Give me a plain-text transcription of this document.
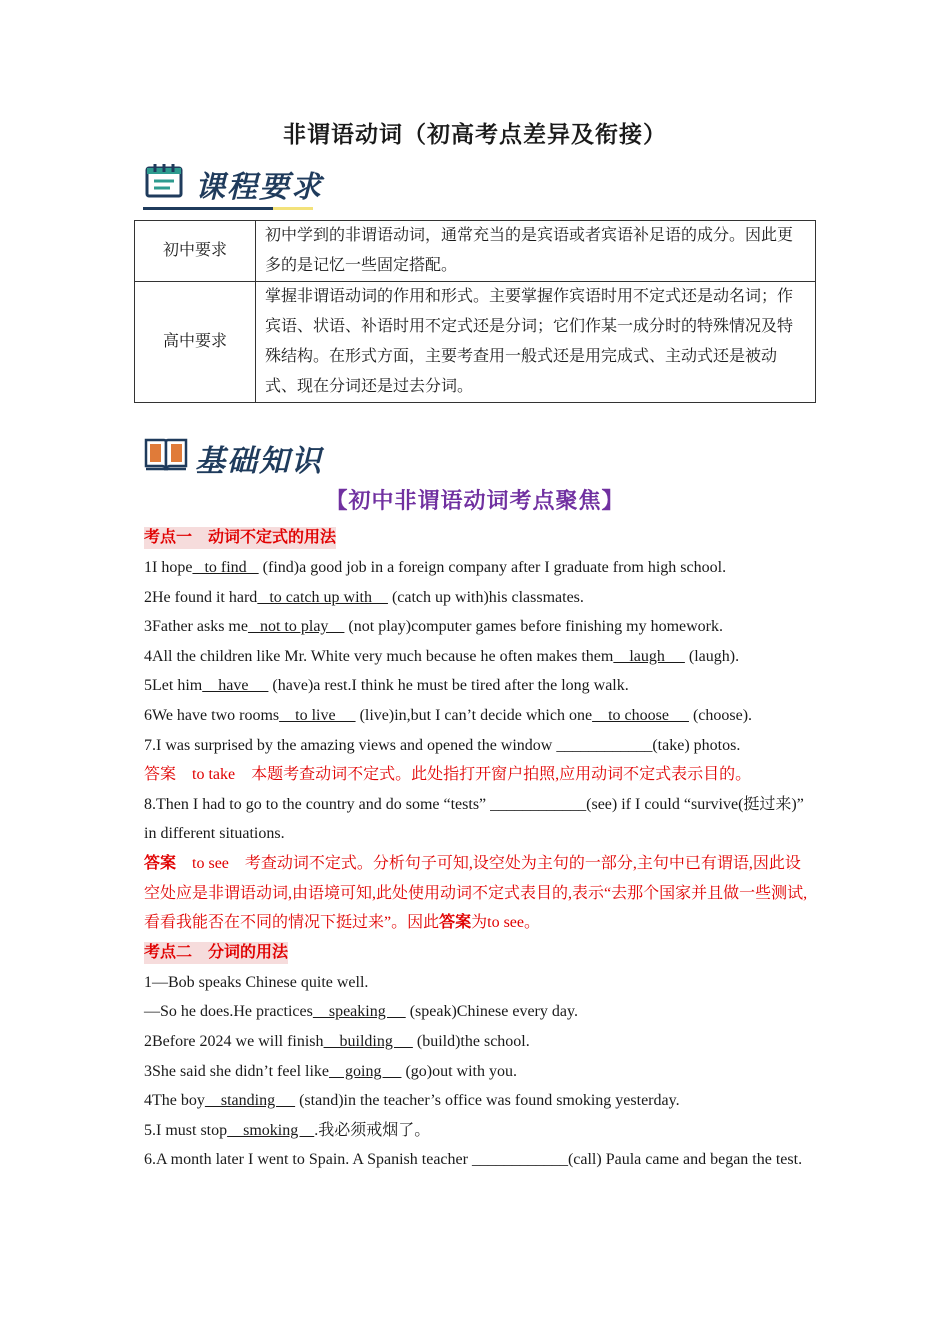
非谓语动词（初高考点差异及衔接）
课程要求
初中要求	初中学到的非谓语动词，通常充当的是宾语或者宾语补足语的成分。因此更多的是记忆一些固定搭配。
高中要求	掌握非谓语动词的作用和形式。主要掌握作宾语时用不定式还是动名词；作宾语、状语、补语时用不定式还是分词；它们作某一成分时的特殊情况及特殊结构。在形式方面，主要考查用一般式还是用完成式、主动式还是被动式、现在分词还是过去分词。
基础知识
【初中非谓语动词考点聚焦】
考点一　动词不定式的用法

1I hope   to find    (find)a good job in a foreign company after I graduate from high school.

2He found it hard   to catch up with     (catch up with)his classmates.

3Father asks me   not to play     (not play)computer games before finishing my homework.

4All the children like Mr. White very much because he often makes them    laugh      (laugh).

5Let him    have      (have)a rest.I think he must be tired after the long walk.

6We have two rooms    to live      (live)in,but I can’t decide which one    to choose      (choose).

7.I was surprised by the amazing views and opened the window ____________(take) photos.

答案　to take　本题考查动词不定式。此处指打开窗户拍照,应用动词不定式表示目的。

8.Then I had to go to the country and do some “tests” ____________(see) if I could “survive(挺过来)” in different situations.

答案　to see　考查动词不定式。分析句子可知,设空处为主句的一部分,主句中已有谓语,因此设空处应是非谓语动词,由语境可知,此处使用动词不定式表目的,表示“去那个国家并且做一些测试,看看我能否在不同的情况下挺过来”。因此答案为to see。

考点二　分词的用法

1—Bob speaks Chinese quite well.

—So he does.He practices    speaking      (speak)Chinese every day.

2Before 2024 we will finish    building      (build)the school.

3She said she didn’t feel like    going      (go)out with you.

4The boy    standing      (stand)in the teacher’s office was found smoking yesterday.

5.I must stop    smoking    .我必须戒烟了。

6.A month later I went to Spain. A Spanish teacher ____________(call) Paula came and began the test.
